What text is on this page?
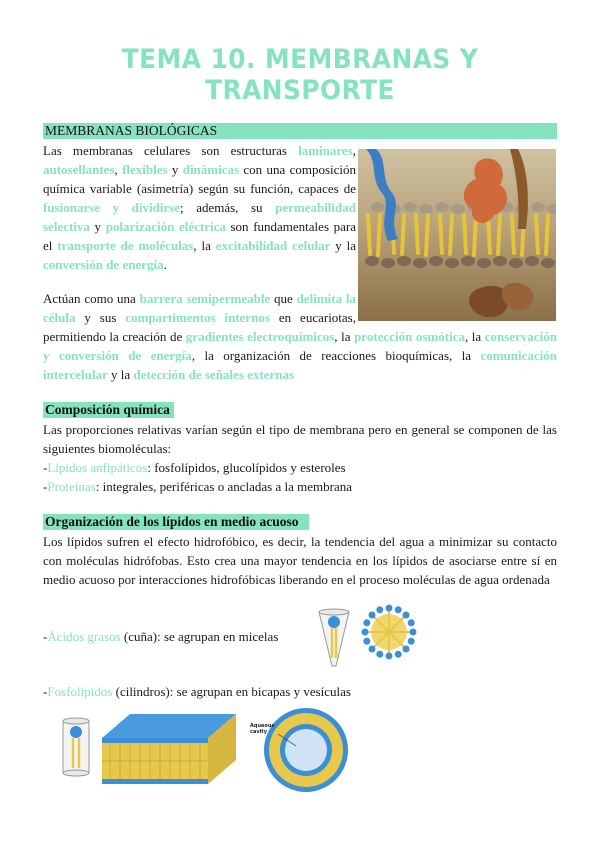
TEMA 10. MEMBRANAS Y TRANSPORTE
MEMBRANAS BIOLÓGICAS
Las membranas celulares son estructuras laminares, autosellantes, flexibles y dinámicas con una composición química variable (asimetría) según su función, capaces de fusionarse y dividirse; además, su permeabilidad selectiva y polarización eléctrica son fundamentales para el transporte de moléculas, la excitabilidad celular y la conversión de energía.
Actúan como una barrera semipermeable que delimita la célula y sus compartimentos internos en eucariotas, permitiendo la creación de gradientes electroquímicos, la protección osmótica, la conservación y conversión de energía, la organización de reacciones bioquímicas, la comunicación intercelular y la detección de señales externas
Composición química
Las proporciones relativas varían según el tipo de membrana pero en general se componen de las siguientes biomoléculas:
-Lípidos anfipáticos: fosfolípidos, glucolípidos y esteroles
-Proteínas: integrales, periféricas o ancladas a la membrana
Organización de los lípidos en medio acuoso
Los lípidos sufren el efecto hidrofóbico, es decir, la tendencia del agua a minimizar su contacto con moléculas hidrófobas. Esto crea una mayor tendencia en los lípidos de asociarse entre sí en medio acuoso por interacciones hidrofóbicas liberando en el proceso moléculas de agua ordenada
-Ácidos grasos (cuña): se agrupan en micelas
-Fosfolípidos (cilindros): se agrupan en bicapas y vesículas
Aqueous cavity
